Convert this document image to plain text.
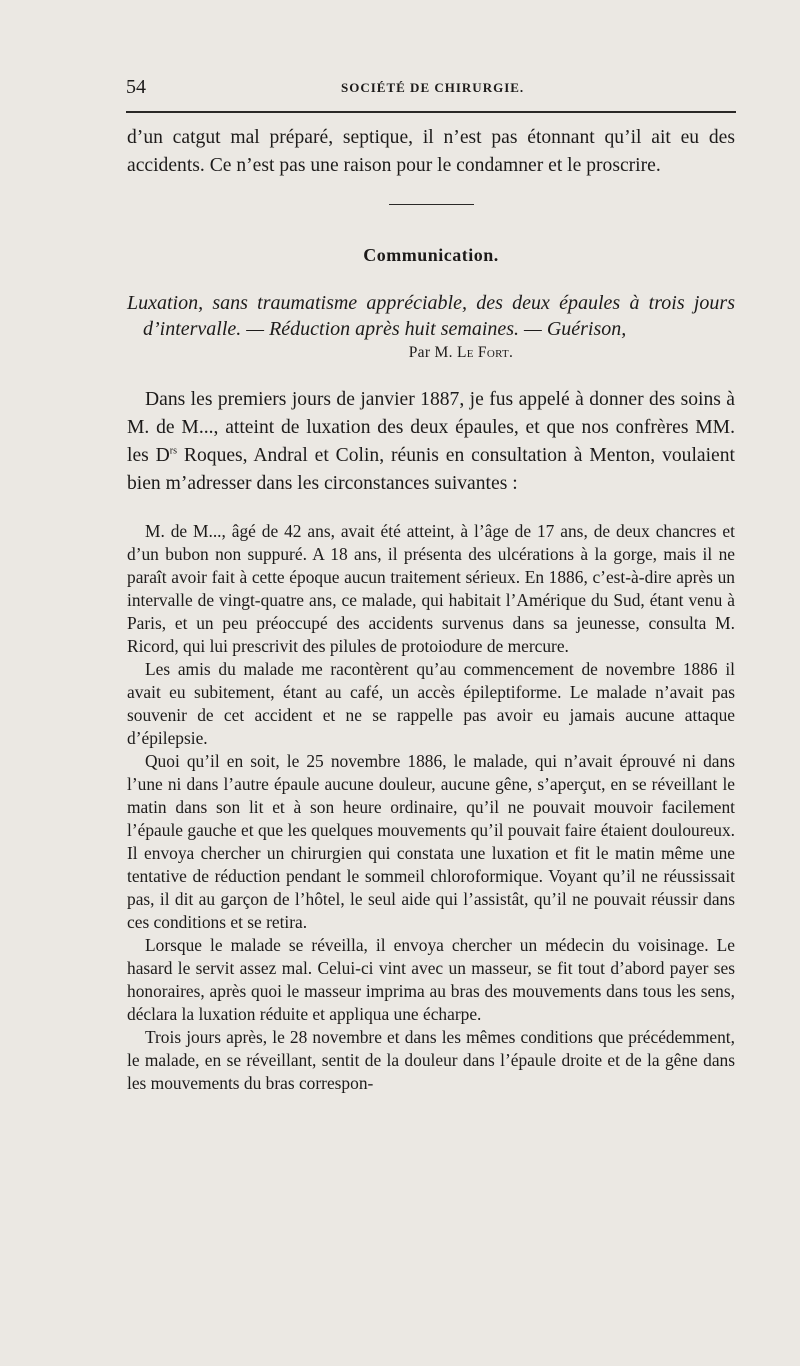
54	SOCIÉTÉ DE CHIRURGIE.

d’un catgut mal préparé, septique, il n’est pas étonnant qu’il ait eu des accidents. Ce n’est pas une raison pour le condamner et le proscrire.

Communication.
Luxation, sans traumatisme appréciable, des deux épaules à trois jours d’intervalle. — Réduction après huit semaines. — Guérison,
Par M. Le Fort.

Dans les premiers jours de janvier 1887, je fus appelé à donner des soins à M. de M..., atteint de luxation des deux épaules, et que nos confrères MM. les $D^{rs}$ Roques, Andral et Colin, réunis en consultation à Menton, voulaient bien m’adresser dans les circonstances suivantes :

M. de M..., âgé de 42 ans, avait été atteint, à l’âge de 17 ans, de deux chancres et d’un bubon non suppuré. A 18 ans, il présenta des ulcérations à la gorge, mais il ne paraît avoir fait à cette époque aucun traitement sérieux. En 1886, c’est-à-dire après un intervalle de vingt-quatre ans, ce malade, qui habitait l’Amérique du Sud, étant venu à Paris, et un peu préoccupé des accidents survenus dans sa jeunesse, consulta M. Ricord, qui lui prescrivit des pilules de protoiodure de mercure.

Les amis du malade me racontèrent qu’au commencement de novembre 1886 il avait eu subitement, étant au café, un accès épileptiforme. Le malade n’avait pas souvenir de cet accident et ne se rappelle pas avoir eu jamais aucune attaque d’épilepsie.

Quoi qu’il en soit, le 25 novembre 1886, le malade, qui n’avait éprouvé ni dans l’une ni dans l’autre épaule aucune douleur, aucune gêne, s’aperçut, en se réveillant le matin dans son lit et à son heure ordinaire, qu’il ne pouvait mouvoir facilement l’épaule gauche et que les quelques mouvements qu’il pouvait faire étaient douloureux. Il envoya chercher un chirurgien qui constata une luxation et fit le matin même une tentative de réduction pendant le sommeil chloroformique. Voyant qu’il ne réussissait pas, il dit au garçon de l’hôtel, le seul aide qui l’assistât, qu’il ne pouvait réussir dans ces conditions et se retira.

Lorsque le malade se réveilla, il envoya chercher un médecin du voisinage. Le hasard le servit assez mal. Celui-ci vint avec un masseur, se fit tout d’abord payer ses honoraires, après quoi le masseur imprima au bras des mouvements dans tous les sens, déclara la luxation réduite et appliqua une écharpe.

Trois jours après, le 28 novembre et dans les mêmes conditions que précédemment, le malade, en se réveillant, sentit de la douleur dans l’épaule droite et de la gêne dans les mouvements du bras correspon-
